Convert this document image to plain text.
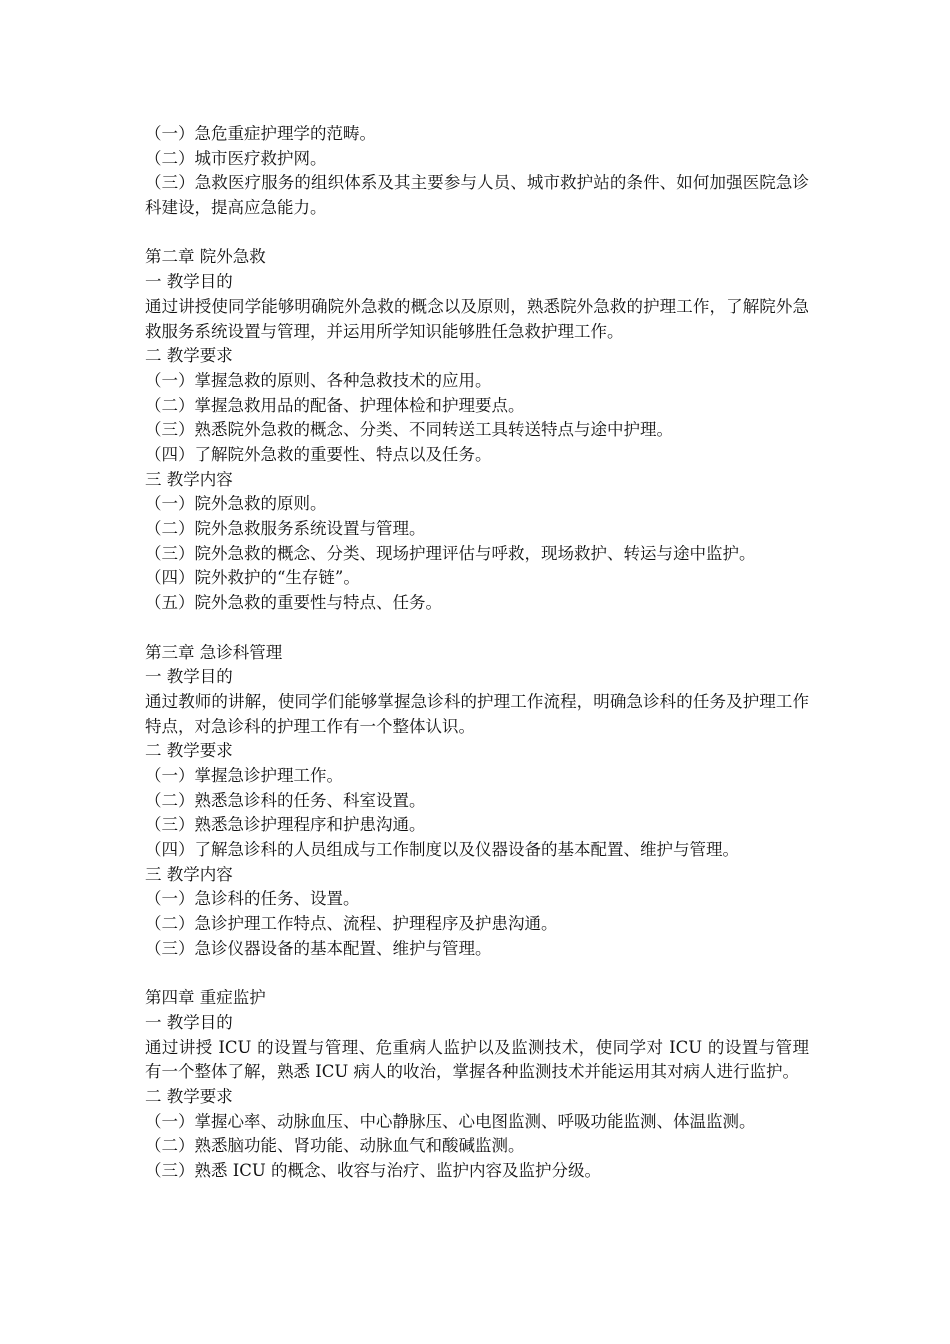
（一）急危重症护理学的范畴。
（二）城市医疗救护网。
（三）急救医疗服务的组织体系及其主要参与人员、城市救护站的条件、如何加强医院急诊科建设，提高应急能力。
第二章 院外急救
一 教学目的
通过讲授使同学能够明确院外急救的概念以及原则，熟悉院外急救的护理工作，了解院外急救服务系统设置与管理，并运用所学知识能够胜任急救护理工作。
二 教学要求
（一）掌握急救的原则、各种急救技术的应用。
（二）掌握急救用品的配备、护理体检和护理要点。
（三）熟悉院外急救的概念、分类、不同转送工具转送特点与途中护理。
（四）了解院外急救的重要性、特点以及任务。
三 教学内容
（一）院外急救的原则。
（二）院外急救服务系统设置与管理。
（三）院外急救的概念、分类、现场护理评估与呼救，现场救护、转运与途中监护。
（四）院外救护的“生存链”。
（五）院外急救的重要性与特点、任务。
第三章 急诊科管理
一 教学目的
通过教师的讲解，使同学们能够掌握急诊科的护理工作流程，明确急诊科的任务及护理工作特点，对急诊科的护理工作有一个整体认识。
二 教学要求
（一）掌握急诊护理工作。
（二）熟悉急诊科的任务、科室设置。
（三）熟悉急诊护理程序和护患沟通。
（四）了解急诊科的人员组成与工作制度以及仪器设备的基本配置、维护与管理。
三 教学内容
（一）急诊科的任务、设置。
（二）急诊护理工作特点、流程、护理程序及护患沟通。
（三）急诊仪器设备的基本配置、维护与管理。
第四章 重症监护
一 教学目的
通过讲授 ICU 的设置与管理、危重病人监护以及监测技术，使同学对 ICU 的设置与管理有一个整体了解，熟悉 ICU 病人的收治，掌握各种监测技术并能运用其对病人进行监护。
二 教学要求
（一）掌握心率、动脉血压、中心静脉压、心电图监测、呼吸功能监测、体温监测。
（二）熟悉脑功能、肾功能、动脉血气和酸碱监测。
（三）熟悉 ICU 的概念、收容与治疗、监护内容及监护分级。
